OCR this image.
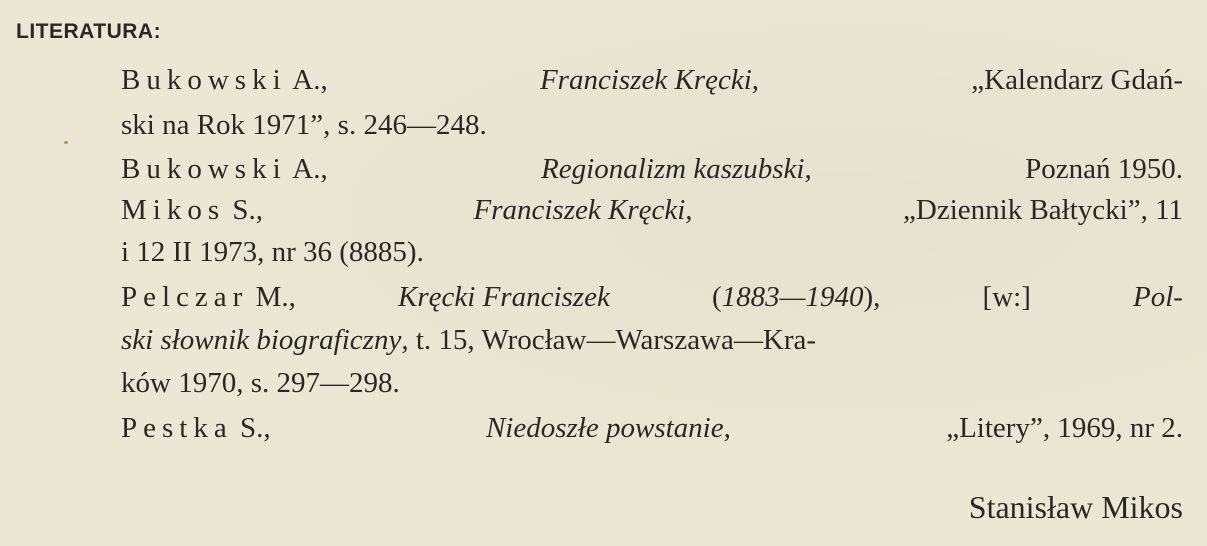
LITERATURA:
Bukowski A.,	Franciszek Kręcki,	„Kalendarz Gdań-
ski na Rok 1971”, s. 246—248.
Bukowski A.,	Regionalizm kaszubski,	Poznań 1950.
Mikos S.,	Franciszek Kręcki,	„Dziennik Bałtycki”, 11
i 12 II 1973, nr 36 (8885).
Pelczar M.,	Kręcki Franciszek	(1883—1940),	[w:]	Pol-
ski słownik biograficzny, t. 15, Wrocław—Warszawa—Kra-
ków 1970, s. 297—298.
Pestka S.,	Niedoszłe powstanie,	„Litery”, 1969, nr 2.
Stanisław Mikos
